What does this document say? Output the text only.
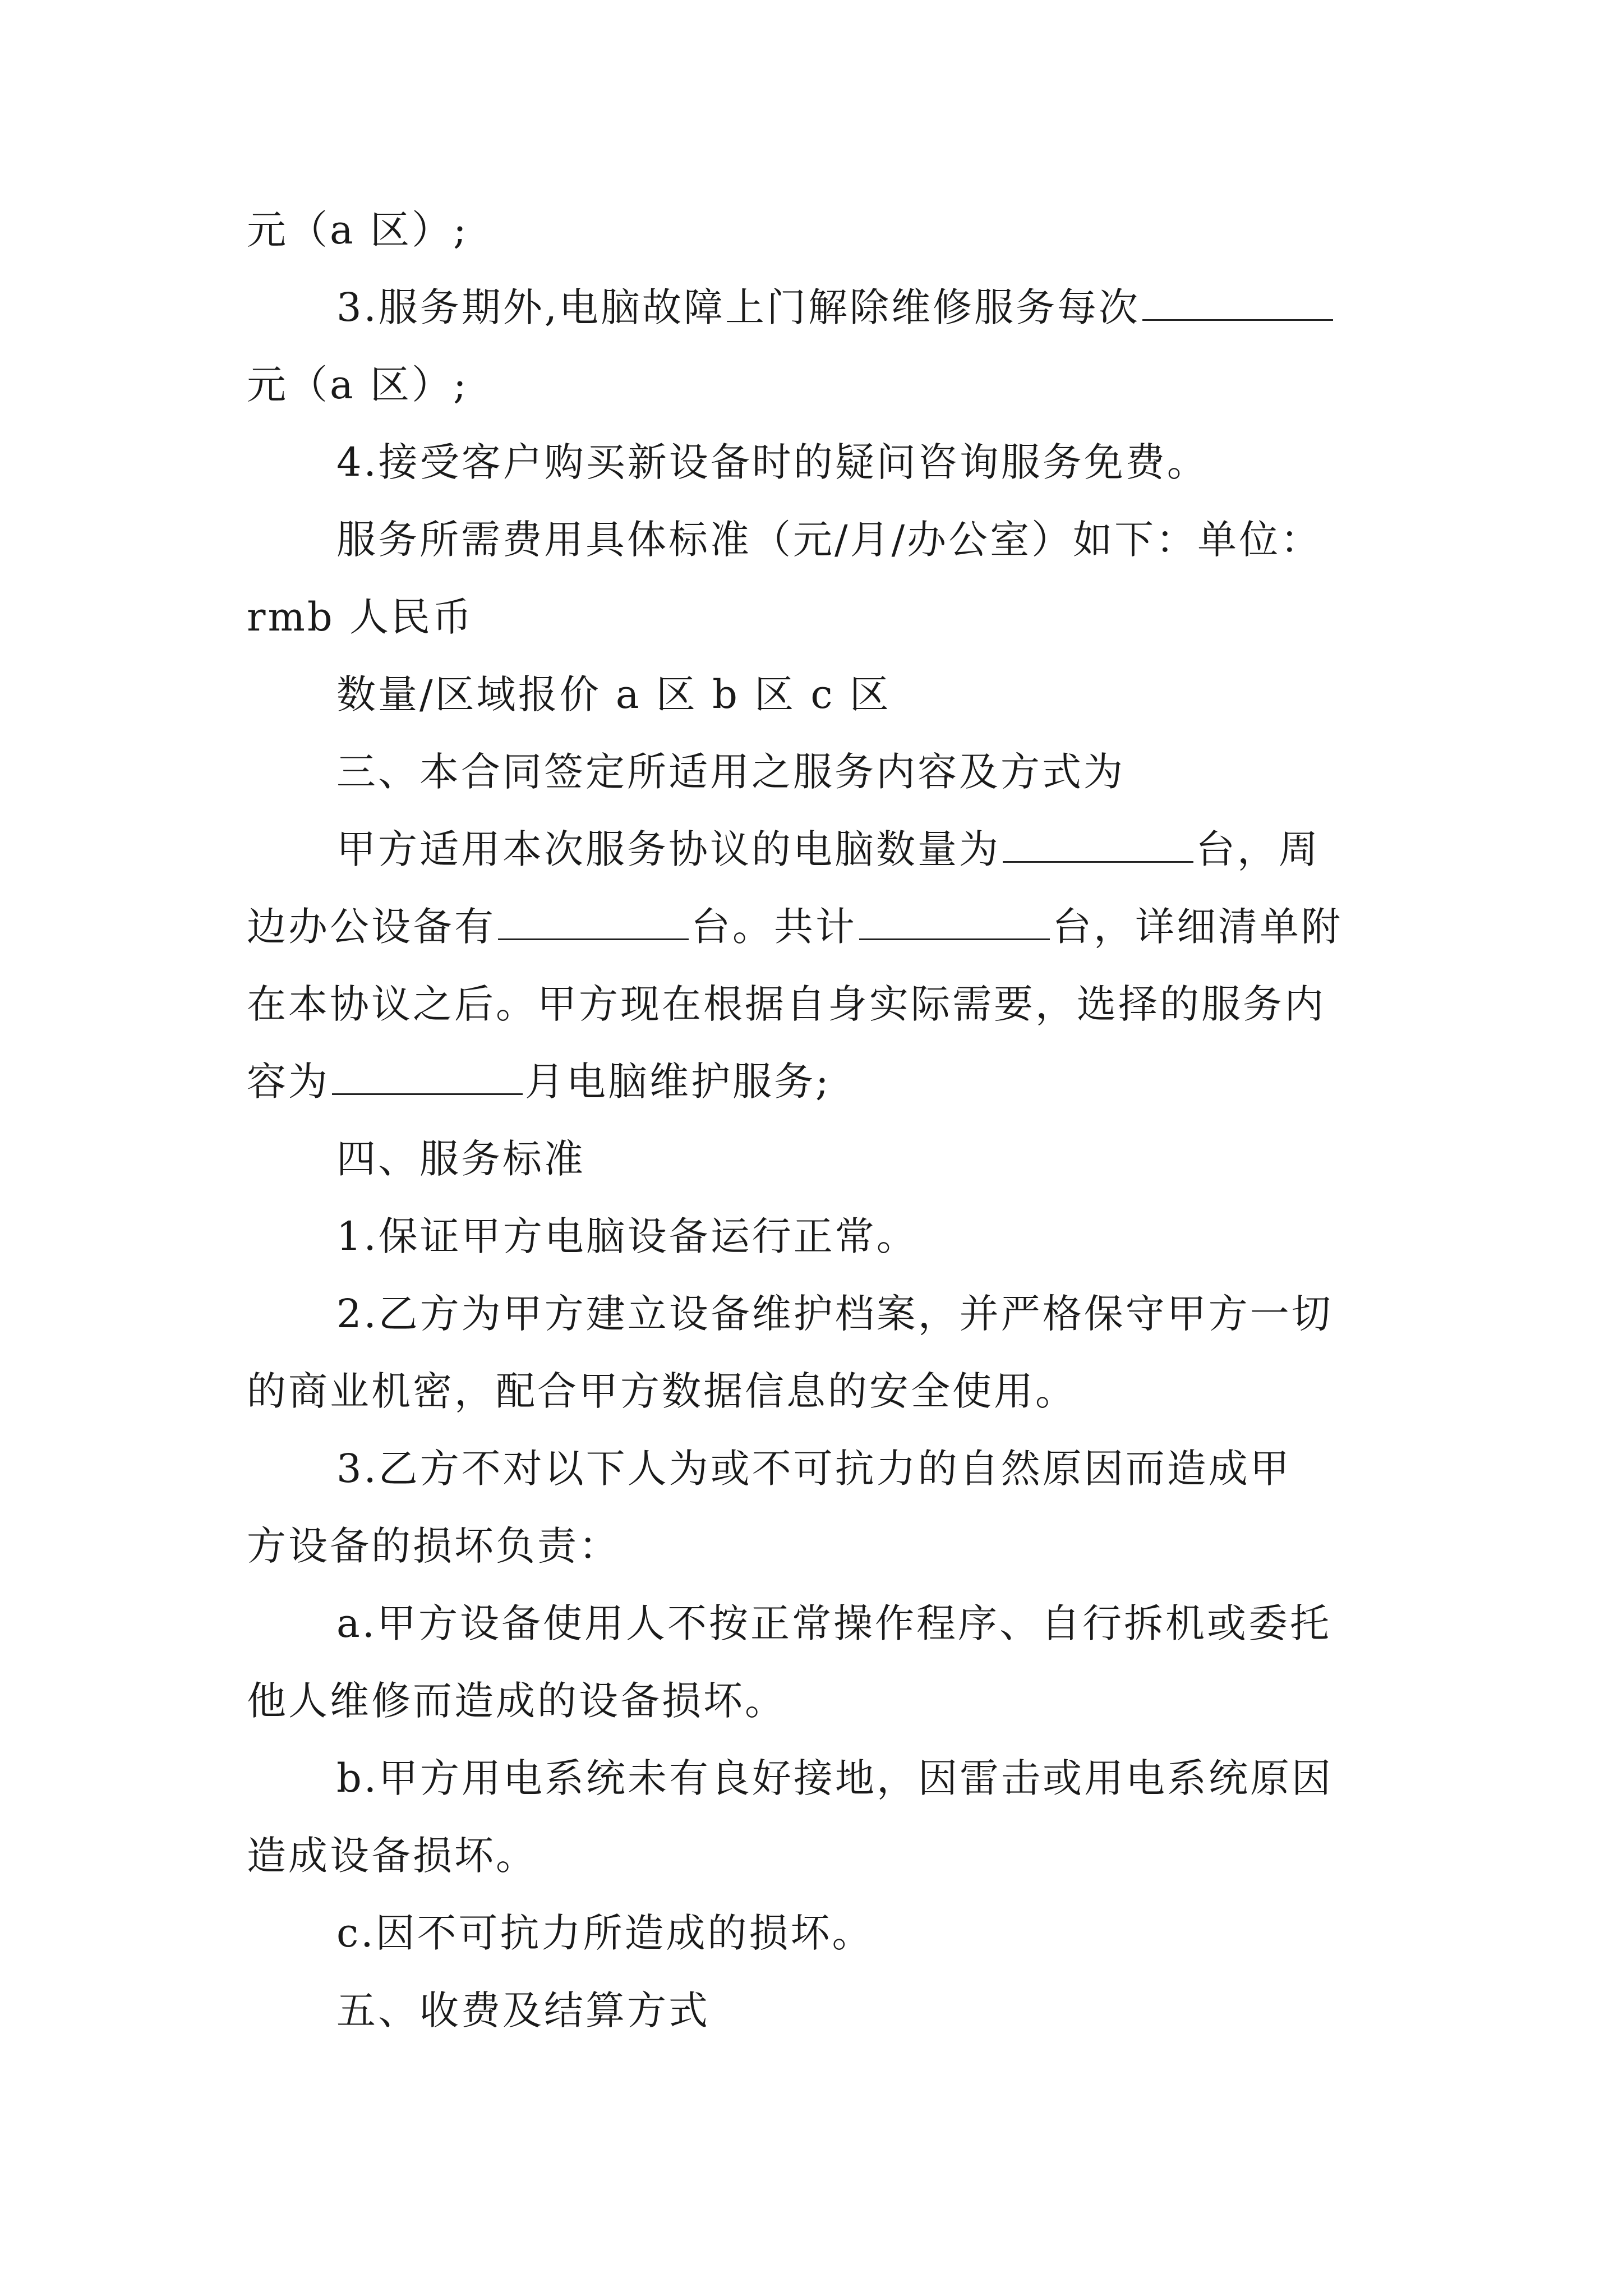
元（a 区）;
3.服务期外,电脑故障上门解除维修服务每次
元（a 区）;
4.接受客户购买新设备时的疑问咨询服务免费。
服务所需费用具体标准（元/月/办公室）如下：单位：
rmb 人民币
数量/区域报价 a 区 b 区 c 区
三、本合同签定所适用之服务内容及方式为
甲方适用本次服务协议的电脑数量为	台，周
边办公设备有	台。共计	台，详细清单附
在本协议之后。甲方现在根据自身实际需要，选择的服务内
容为	月电脑维护服务;
四、服务标准
1.保证甲方电脑设备运行正常。
2.乙方为甲方建立设备维护档案，并严格保守甲方一切
的商业机密，配合甲方数据信息的安全使用。
3.乙方不对以下人为或不可抗力的自然原因而造成甲
方设备的损坏负责：
a.甲方设备使用人不按正常操作程序、自行拆机或委托
他人维修而造成的设备损坏。
b.甲方用电系统未有良好接地，因雷击或用电系统原因
造成设备损坏。
c.因不可抗力所造成的损坏。
五、收费及结算方式
